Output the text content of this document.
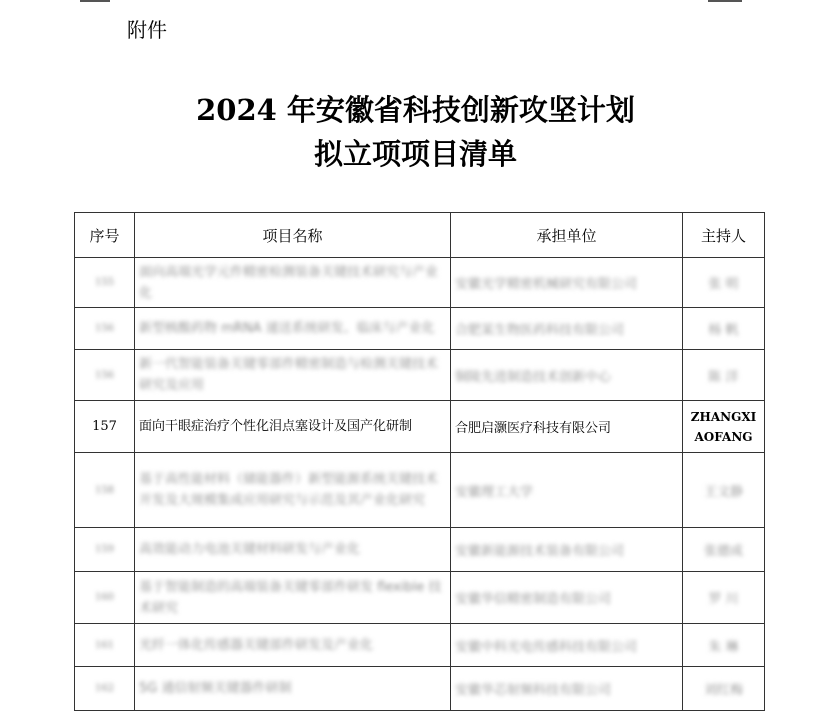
附件
2024 年安徽省科技创新攻坚计划
拟立项项目清单
序号	项目名称	承担单位	主持人
155	面向高端光学元件精密检测装备关键技术研究与产业化	安徽光学精密机械研究有限公司	张 明
156	新型核酸药物 mRNA 递送系统研发、临床与产业化	合肥某生物医药科技有限公司	杨 帆
156	新一代智能装备关键零部件精密制造与检测关键技术研究及应用	铜陵先进制造技术创新中心	陈 洋
157	面向干眼症治疗个性化泪点塞设计及国产化研制	合肥启灏医疗科技有限公司	ZHANGXIAOFANG

158	基于高性能材料（储能器件）新型能源系统关键技术开发及大规模集成应用研究与示范及其产业化研究	安徽理工大学	王文静
159	高效能动力电池关键材料研发与产业化	安徽新能源技术装备有限公司	张德成
160	基于智能制造的高端装备关键零部件研发 flexible 技术研究	安徽华信精密制造有限公司	罗 川
161	光纤一体化传感器关键部件研发及产业化	安徽中科光电传感科技有限公司	朱 琳
162	5G 通信射频关键器件研制	安徽华芯射频科技有限公司	刘红梅
